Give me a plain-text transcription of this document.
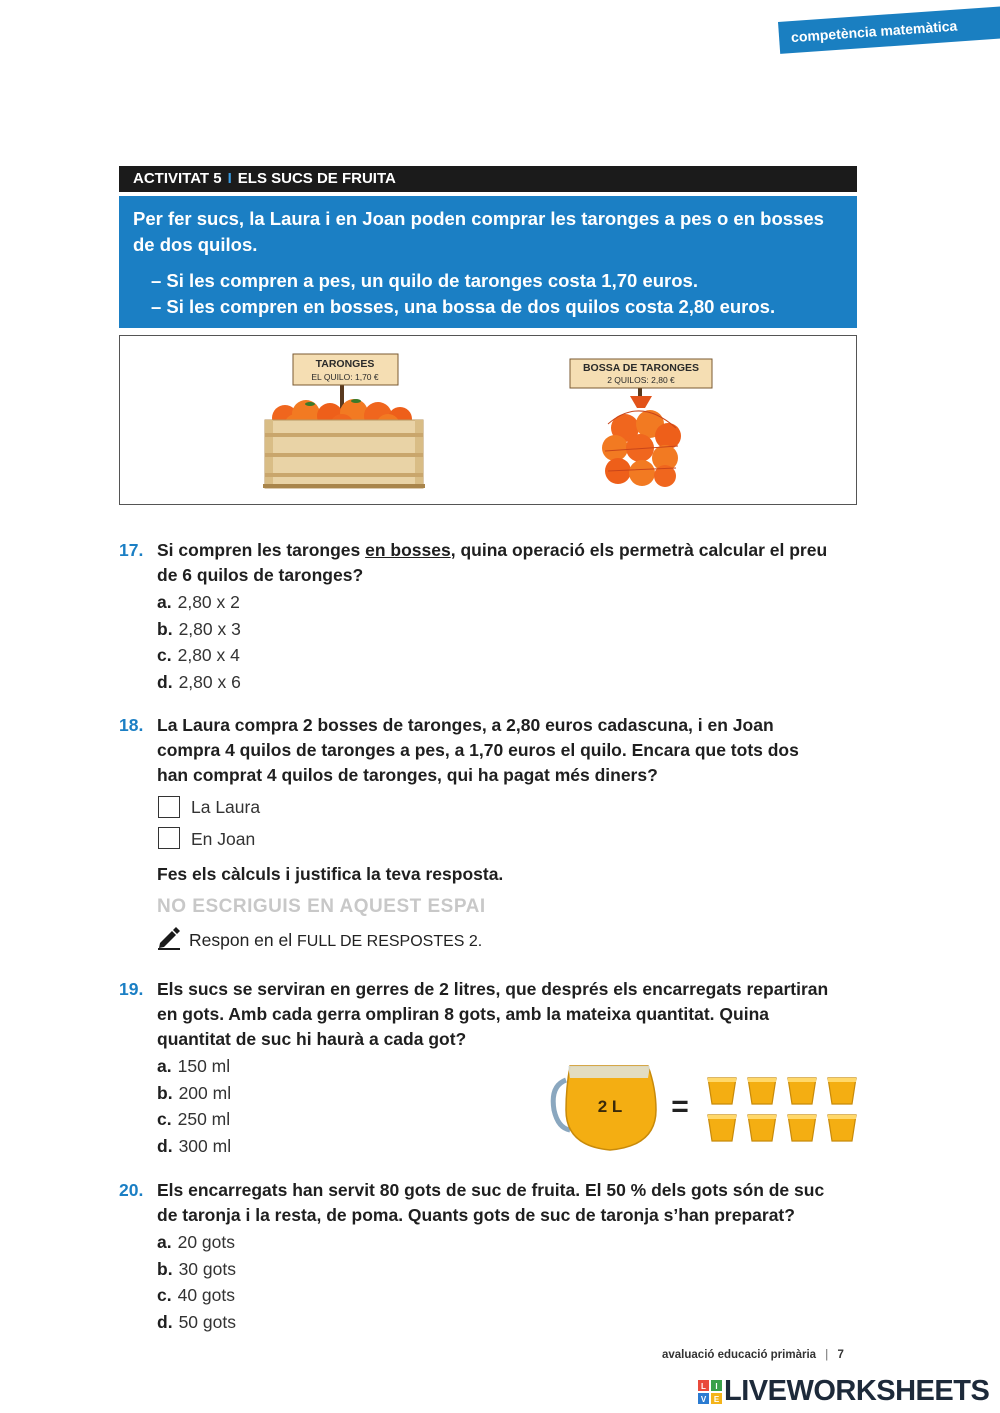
competència matemàtica
ACTIVITAT 5 I ELS SUCS DE FRUITA

Per fer sucs, la Laura i en Joan poden comprar les taronges a pes o en bosses de dos quilos.

– Si les compren a pes, un quilo de taronges costa 1,70 euros.

– Si les compren en bosses, una bossa de dos quilos costa 2,80 euros.

TARONGES
EL QUILO: 1,70 €
BOSSA DE TARONGES
2 QUILOS: 2,80 €
17. Si compren les taronges en bosses, quina operació els permetrà calcular el preu
de 6 quilos de taronges?
a. 2,80 x 2
b. 2,80 x 3
c. 2,80 x 4
d. 2,80 x 6
18. La Laura compra 2 bosses de taronges, a 2,80 euros cadascuna, i en Joan
compra 4 quilos de taronges a pes, a 1,70 euros el quilo. Encara que tots dos
han comprat 4 quilos de taronges, qui ha pagat més diners?
La Laura
En Joan
Fes els càlculs i justifica la teva resposta.
NO ESCRIGUIS EN AQUEST ESPAI
Respon en el FULL DE RESPOSTES 2.
19. Els sucs se serviran en gerres de 2 litres, que després els encarregats repartiran
en gots. Amb cada gerra ompliran 8 gots, amb la mateixa quantitat. Quina
quantitat de suc hi haurà a cada got?
a. 150 ml
b. 200 ml
c. 250 ml
d. 300 ml
2 L =
20. Els encarregats han servit 80 gots de suc de fruita. El 50 % dels gots són de suc
de taronja i la resta, de poma. Quants gots de suc de taronja s’han preparat?
a. 20 gots
b. 30 gots
c. 40 gots
d. 50 gots
avaluació educació primària | 7
L I
V E LIVEWORKSHEETS
